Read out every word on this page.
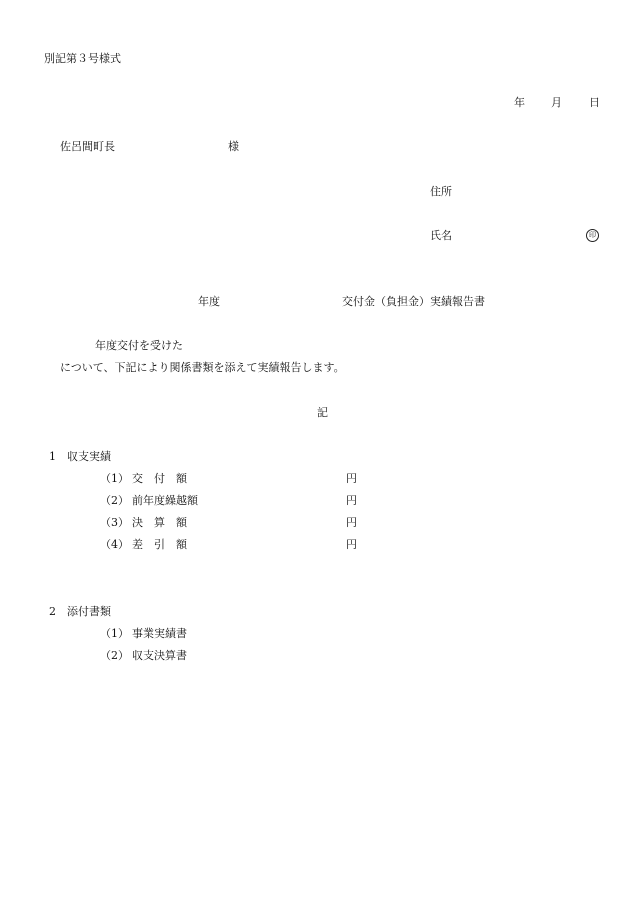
別記第３号様式
年 月 日
佐呂間町長	様
住所
氏名	印
年度	交付金（負担金）実績報告書
年度交付を受けた
について、下記により関係書類を添えて実績報告します。
記
1　収支実績
（1） 交　付　額	円
（2） 前年度繰越額	円
（3） 決　算　額	円
（4） 差　引　額	円
2　添付書類
（1） 事業実績書
（2） 収支決算書
